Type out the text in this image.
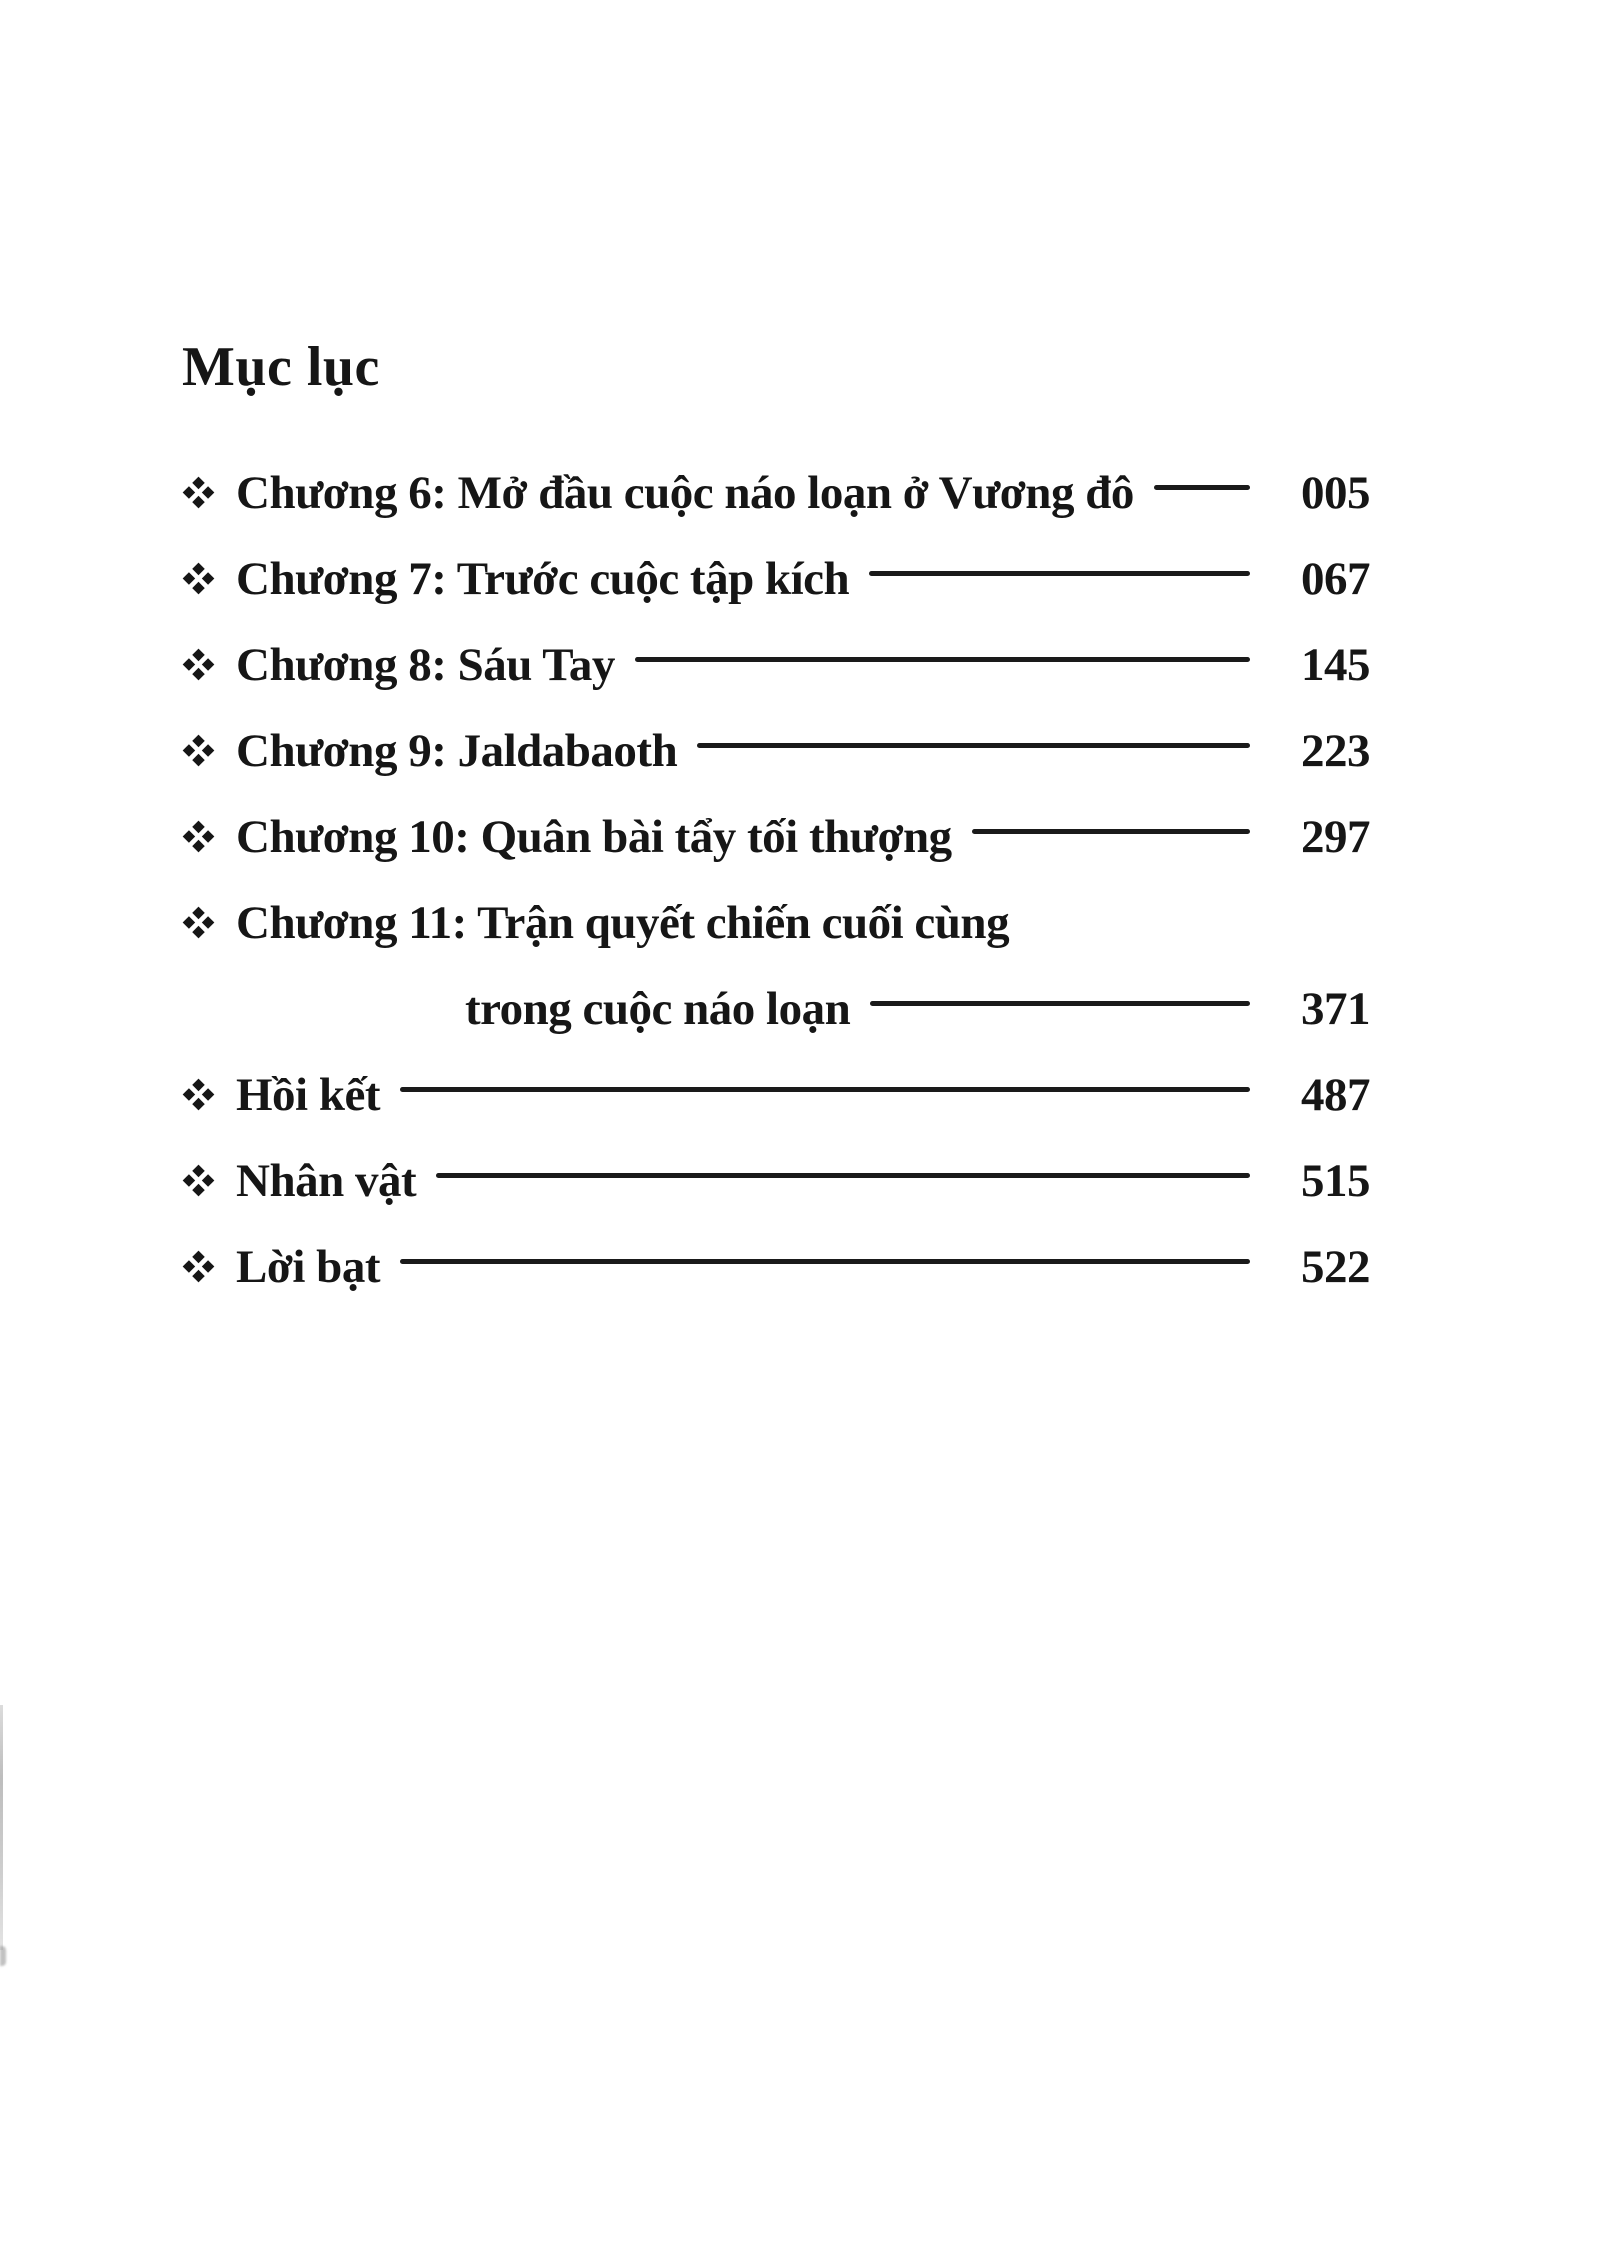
Mục lục
Chương 6: Mở đầu cuộc náo loạn ở Vương đô	005
Chương 7: Trước cuộc tập kích	067
Chương 8: Sáu Tay	145
Chương 9: Jaldabaoth	223
Chương 10: Quân bài tẩy tối thượng	297
Chương 11: Trận quyết chiến cuối cùng
trong cuộc náo loạn	371
Hồi kết	487
Nhân vật	515
Lời bạt	522
